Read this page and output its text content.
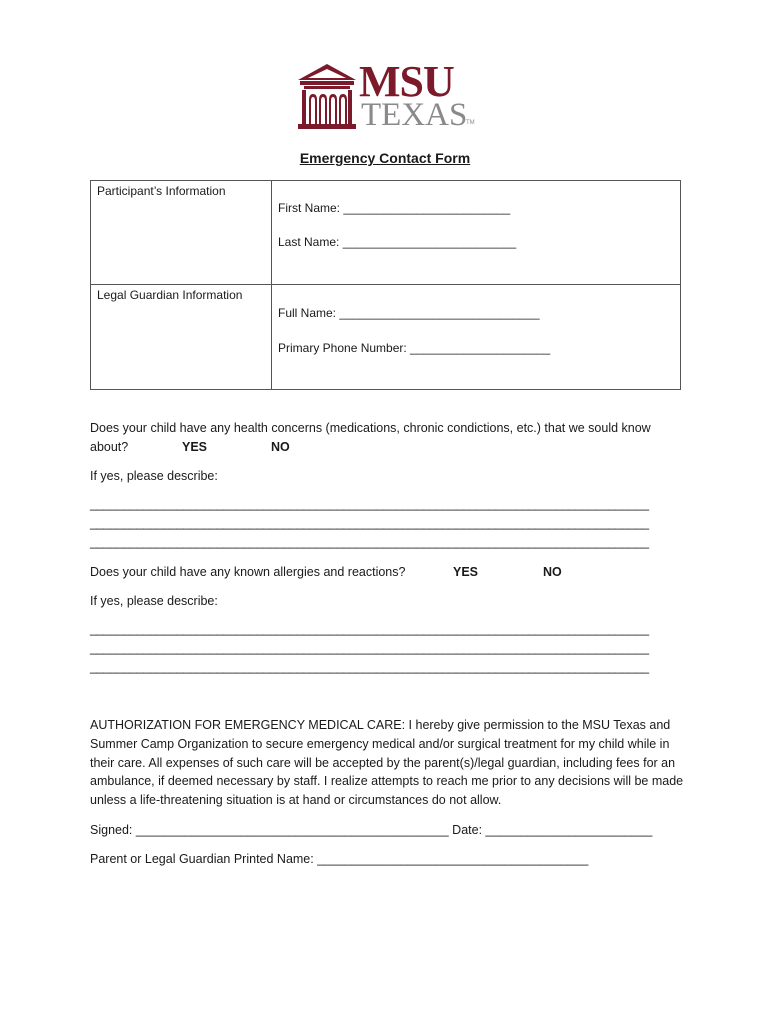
MSU
TEXAS
TM
Emergency Contact Form
Participant’s Information	First Name: _________________________
Last Name: __________________________

Legal Guardian Information	Full Name: ______________________________
Primary Phone Number: _____________________
Does your child have any health concerns (medications, chronic condictions, etc.) that we sould know
about?	YES	NO
If yes, please describe:
____________________________________________________________________________________
____________________________________________________________________________________
____________________________________________________________________________________
Does your child have any known allergies and reactions?	YES	NO
If yes, please describe:
____________________________________________________________________________________
____________________________________________________________________________________
____________________________________________________________________________________
AUTHORIZATION FOR EMERGENCY MEDICAL CARE: I hereby give permission to the MSU Texas and Summer Camp Organization to secure emergency medical and/or surgical treatment for my child while in their care. All expenses of such care will be accepted by the parent(s)/legal guardian, including fees for an ambulance, if deemed necessary by staff. I realize attempts to reach me prior to any decisions will be made unless a life-threatening situation is at hand or circumstances do not allow.
Signed: _____________________________________________ Date: ________________________
Parent or Legal Guardian Printed Name: _______________________________________
